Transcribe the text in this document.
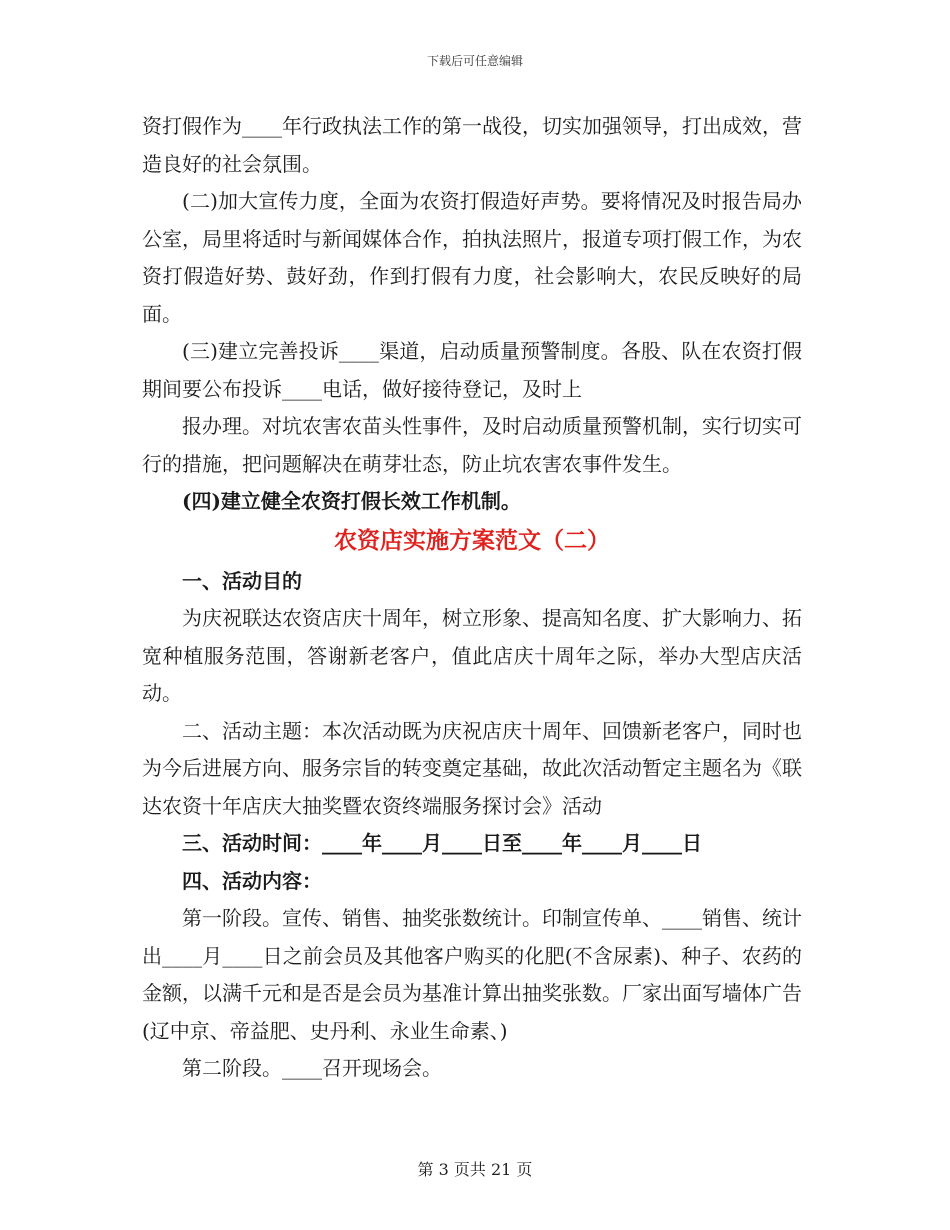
下载后可任意编辑

资打假作为____年行政执法工作的第一战役，切实加强领导，打出成效，营造良好的社会氛围。

(二)加大宣传力度，全面为农资打假造好声势。要将情况及时报告局办公室，局里将适时与新闻媒体合作，拍执法照片，报道专项打假工作，为农资打假造好势、鼓好劲，作到打假有力度，社会影响大，农民反映好的局面。

(三)建立完善投诉____渠道，启动质量预警制度。各股、队在农资打假期间要公布投诉____电话，做好接待登记，及时上

报办理。对坑农害农苗头性事件，及时启动质量预警机制，实行切实可行的措施，把问题解决在萌芽壮态，防止坑农害农事件发生。

(四)建立健全农资打假长效工作机制。

农资店实施方案范文（二）

一、活动目的

为庆祝联达农资店庆十周年，树立形象、提高知名度、扩大影响力、拓宽种植服务范围，答谢新老客户，值此店庆十周年之际，举办大型店庆活动。

二、活动主题：本次活动既为庆祝店庆十周年、回馈新老客户，同时也为今后进展方向、服务宗旨的转变奠定基础，故此次活动暂定主题名为《联达农资十年店庆大抽奖暨农资终端服务探讨会》活动

三、活动时间：____年____月____日至____年____月____日

四、活动内容：

第一阶段。宣传、销售、抽奖张数统计。印制宣传单、____销售、统计出____月____日之前会员及其他客户购买的化肥(不含尿素)、种子、农药的金额，以满千元和是否是会员为基准计算出抽奖张数。厂家出面写墙体广告(辽中京、帝益肥、史丹利、永业生命素、)

第二阶段。____召开现场会。

第 3 页共 21 页
